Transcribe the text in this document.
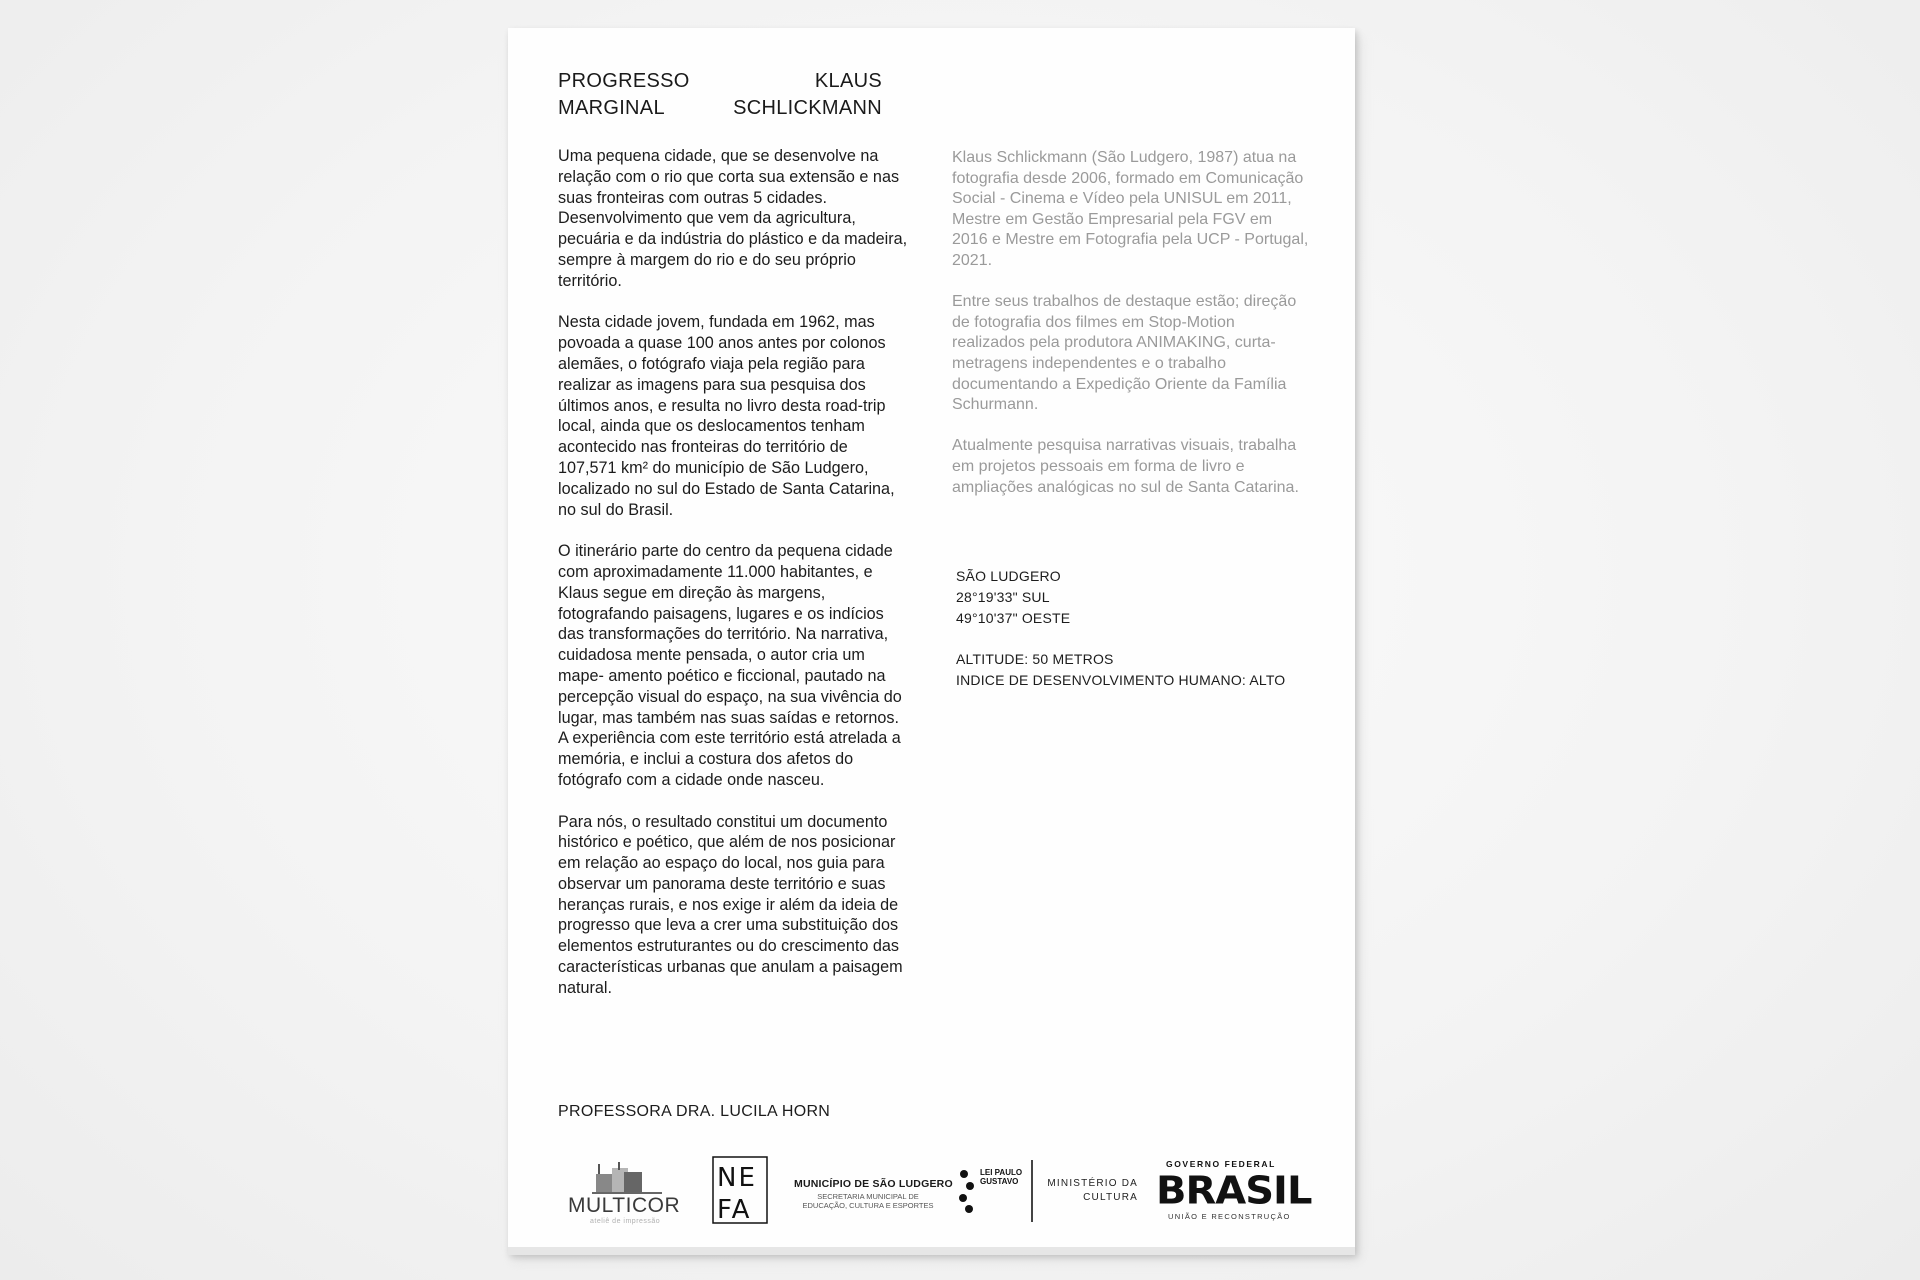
PROGRESSO
MARGINAL
KLAUS
SCHLICKMANN

Uma pequena cidade, que se desenvolve na relação com o rio que corta sua extensão e nas suas fronteiras com outras 5 cidades. Desenvolvimento que vem da agricultura, pecuária e da indústria do plástico e da madeira, sempre à margem do rio e do seu próprio território.

Nesta cidade jovem, fundada em 1962, mas povoada a quase 100 anos antes por colonos alemães, o fotógrafo viaja pela região para realizar as imagens para sua pesquisa dos últimos anos, e resulta no livro desta road-trip local, ainda que os deslocamentos tenham acontecido nas fronteiras do território de 107,571 km² do município de São Ludgero, localizado no sul do Estado de Santa Catarina, no sul do Brasil.

O itinerário parte do centro da pequena cidade com aproximadamente 11.000 habitantes, e Klaus segue em direção às margens, fotografando paisagens, lugares e os indícios das transformações do território. Na narrativa, cuidadosa mente pensada, o autor cria um mape- amento poético e ficcional, pautado na percepção visual do espaço, na sua vivência do lugar, mas também nas suas saídas e retornos. A experiência com este território está atrelada a memória, e inclui a costura dos afetos do fotógrafo com a cidade onde nasceu.

Para nós, o resultado constitui um documento histórico e poético, que além de nos posicionar em relação ao espaço do local, nos guia para observar um panorama deste território e suas heranças rurais, e nos exige ir além da ideia de progresso que leva a crer uma substituição dos elementos estruturantes ou do crescimento das características urbanas que anulam a paisagem natural.

PROFESSORA DRA. LUCILA HORN

Klaus Schlickmann (São Ludgero, 1987) atua na fotografia desde 2006, formado em Comunicação Social - Cinema e Vídeo pela UNISUL em 2011, Mestre em Gestão Empresarial pela FGV em 2016 e Mestre em Fotografia pela UCP - Portugal, 2021.

Entre seus trabalhos de destaque estão; direção de fotografia dos filmes em Stop-Motion realizados pela produtora ANIMAKING, curta-metragens independentes e o trabalho documentando a Expedição Oriente da Família Schurmann.

Atualmente pesquisa narrativas visuais, trabalha em projetos pessoais em forma de livro e ampliações analógicas no sul de Santa Catarina.

SÃO LUDGERO
28°19'33" SUL
49°10'37" OESTE
ALTITUDE: 50 METROS
INDICE DE DESENVOLVIMENTO HUMANO: ALTO
MULTICOR
ateliê de impressão
NE
FA
MUNICÍPIO DE SÃO LUDGERO
SECRETARIA MUNICIPAL DE EDUCAÇÃO, CULTURA E ESPORTES
LEI PAULO GUSTAVO	MINISTÉRIO DA CULTURA
GOVERNO FEDERAL
BRASIL
UNIÃO E RECONSTRUÇÃO
